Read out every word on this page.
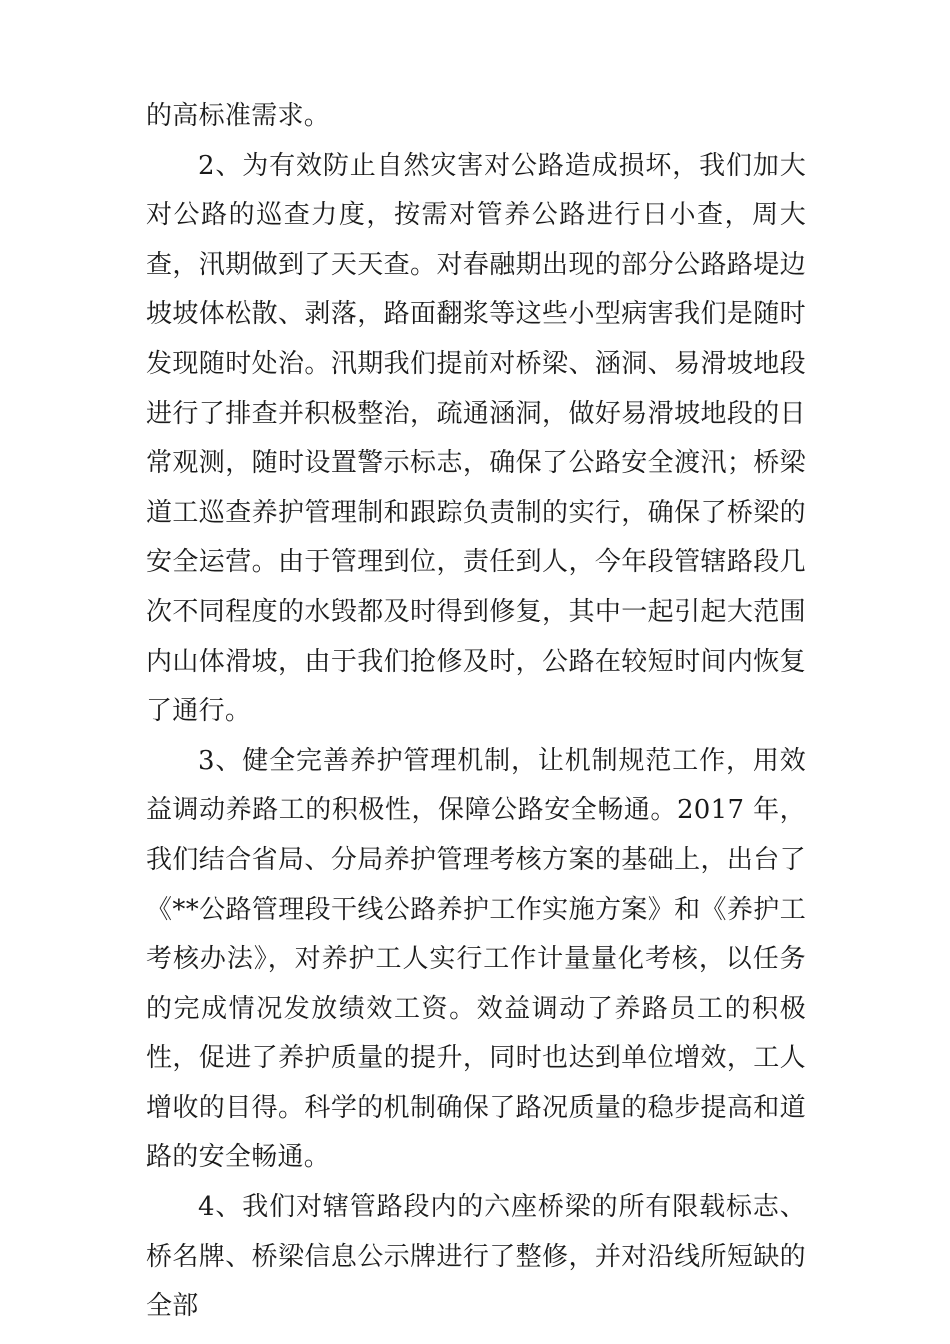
的高标准需求。

2、为有效防止自然灾害对公路造成损坏，我们加大对公路的巡查力度，按需对管养公路进行日小查，周大查，汛期做到了天天查。对春融期出现的部分公路路堤边坡坡体松散、剥落，路面翻浆等这些小型病害我们是随时发现随时处治。汛期我们提前对桥梁、涵洞、易滑坡地段进行了排查并积极整治，疏通涵洞，做好易滑坡地段的日常观测，随时设置警示标志，确保了公路安全渡汛；桥梁道工巡查养护管理制和跟踪负责制的实行，确保了桥梁的安全运营。由于管理到位，责任到人，今年段管辖路段几次不同程度的水毁都及时得到修复，其中一起引起大范围内山体滑坡，由于我们抢修及时，公路在较短时间内恢复了通行。

3、健全完善养护管理机制，让机制规范工作，用效益调动养路工的积极性，保障公路安全畅通。2017 年，我们结合省局、分局养护管理考核方案的基础上，出台了《**公路管理段干线公路养护工作实施方案》和《养护工考核办法》，对养护工人实行工作计量量化考核，以任务的完成情况发放绩效工资。效益调动了养路员工的积极性，促进了养护质量的提升，同时也达到单位增效，工人增收的目得。科学的机制确保了路况质量的稳步提高和道路的安全畅通。

4、我们对辖管路段内的六座桥梁的所有限载标志、桥名牌、桥梁信息公示牌进行了整修，并对沿线所短缺的全部
